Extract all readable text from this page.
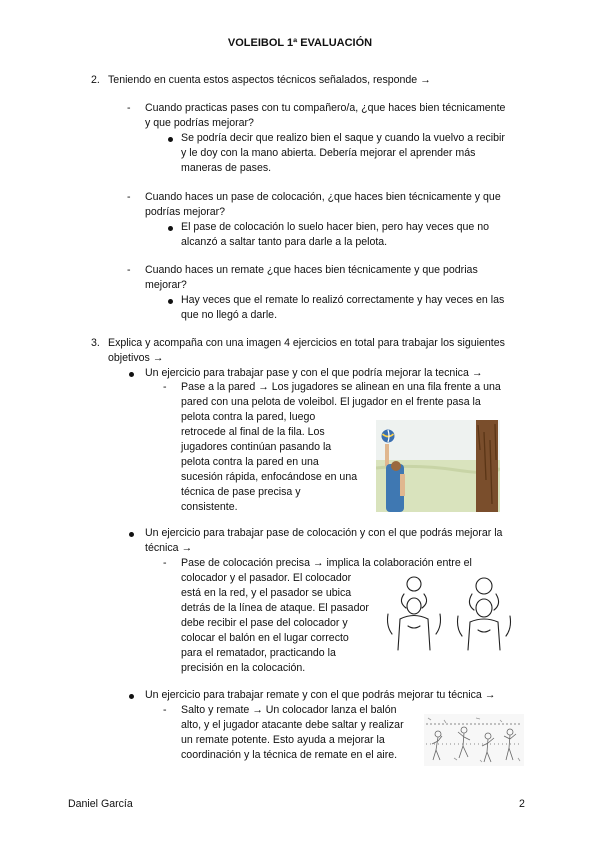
VOLEIBOL 1ª EVALUACIÓN
2. Teniendo en cuenta estos aspectos técnicos señalados, responde →
- Cuando practicas pases con tu compañero/a, ¿que haces bien técnicamente
y que podrías mejorar?
Se podría decir que realizo bien el saque y cuando la vuelvo a recibir
y le doy con la mano abierta. Debería mejorar el aprender más
maneras de pases.
- Cuando haces un pase de colocación, ¿que haces bien técnicamente y que
podrías mejorar?
El pase de colocación lo suelo hacer bien, pero hay veces que no
alcanzó a saltar tanto para darle a la pelota.
- Cuando haces un remate ¿que haces bien técnicamente y que podrias
mejorar?
Hay veces que el remate lo realizó correctamente y hay veces en las
que no llegó a darle.
3. Explica y acompaña con una imagen 4 ejercicios en total para trabajar los siguientes
objetivos →
Un ejercicio para trabajar pase y con el que podría mejorar la tecnica →
- Pase a la pared → Los jugadores se alinean en una fila frente a una
pared con una pelota de voleibol. El jugador en el frente pasa la
pelota contra la pared, luego
retrocede al final de la fila. Los
jugadores continúan pasando la
pelota contra la pared en una
sucesión rápida, enfocándose en una
técnica de pase precisa y
consistente.
Un ejercicio para trabajar pase de colocación y con el que podrás mejorar la
técnica →
- Pase de colocación precisa → implica la colaboración entre el
colocador y el pasador. El colocador
está en la red, y el pasador se ubica
detrás de la línea de ataque. El pasador
debe recibir el pase del colocador y
colocar el balón en el lugar correcto
para el rematador, practicando la
precisión en la colocación.
Un ejercicio para trabajar remate y con el que podrás mejorar tu técnica →
- Salto y remate → Un colocador lanza el balón
alto, y el jugador atacante debe saltar y realizar
un remate potente. Esto ayuda a mejorar la
coordinación y la técnica de remate en el aire.
Daniel García	2
